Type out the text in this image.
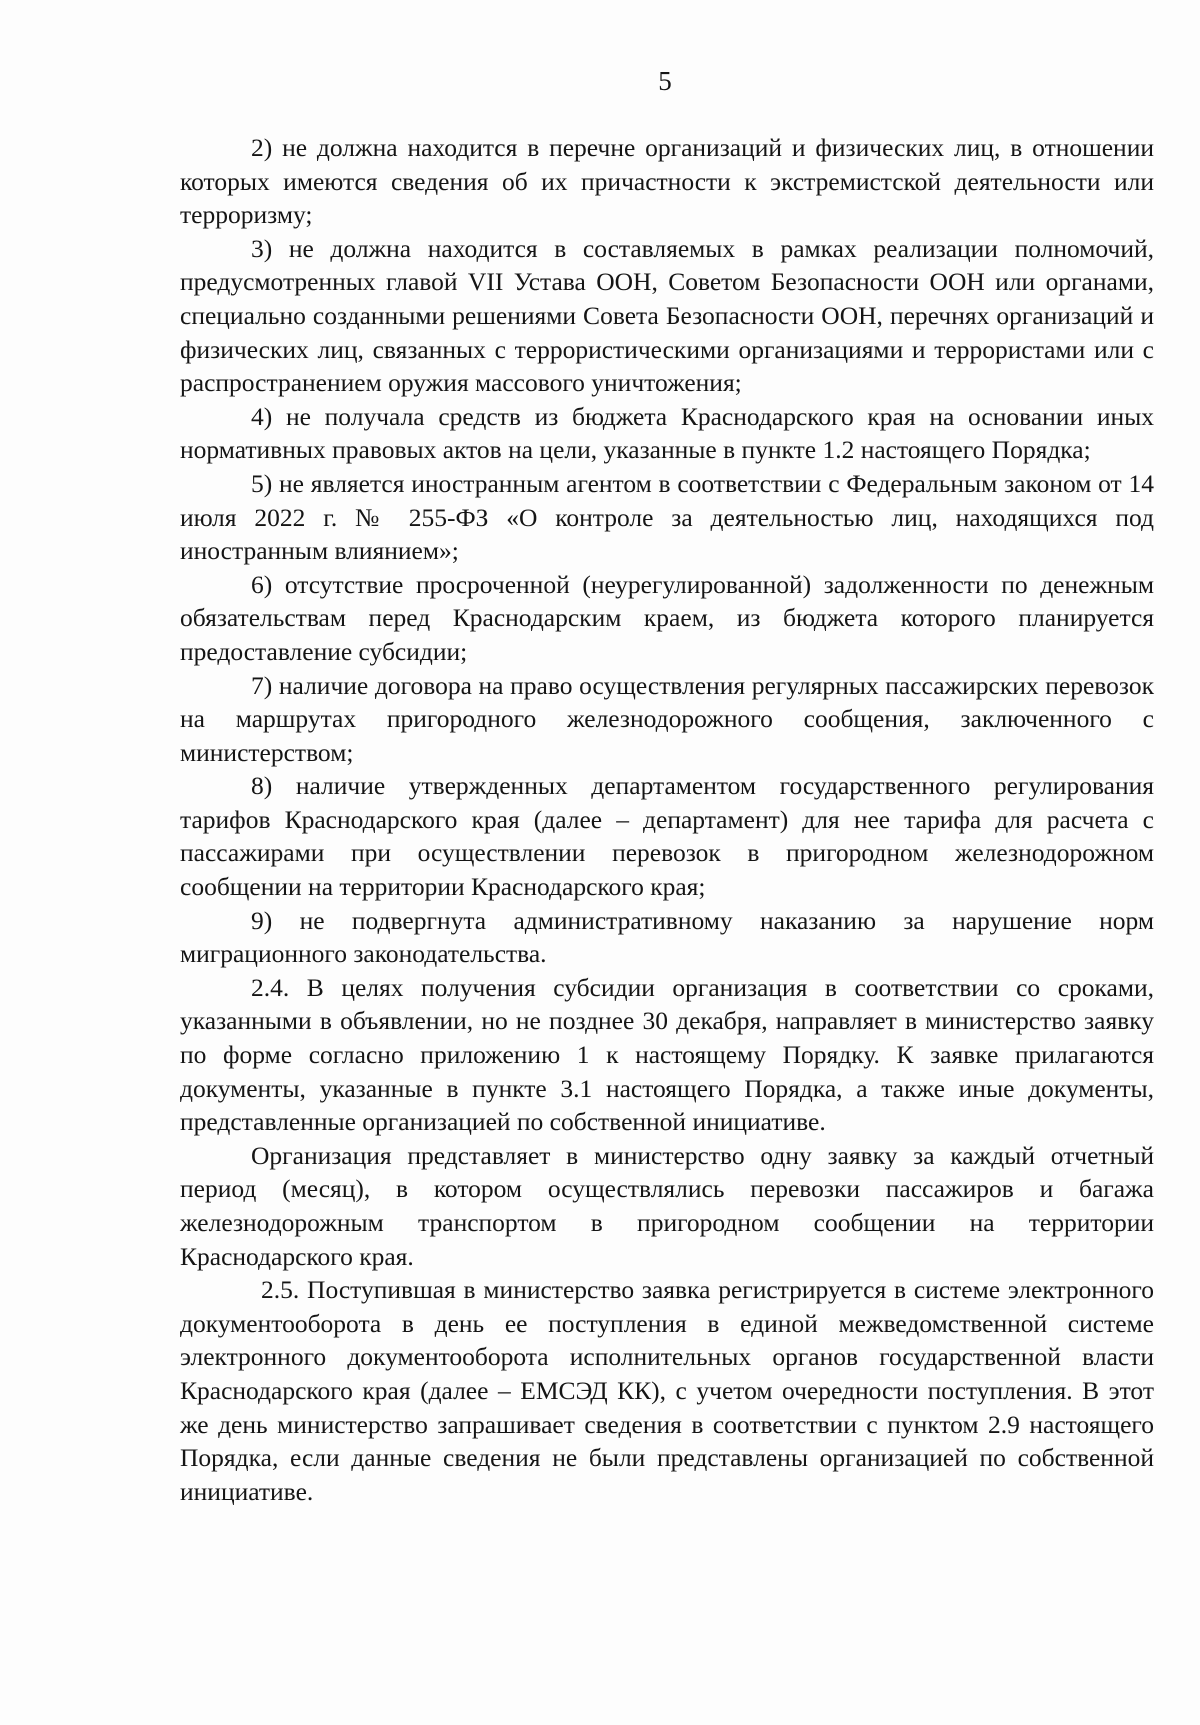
5

2) не должна находится в перечне организаций и физических лиц, в отношении которых имеются сведения об их причастности к экстремистской деятельности или терроризму;

3) не должна находится в составляемых в рамках реализации полномочий, предусмотренных главой VII Устава ООН, Советом Безопасности ООН или органами, специально созданными решениями Совета Безопасности ООН, перечнях организаций и физических лиц, связанных с террористическими организациями и террористами или с распространением оружия массового уничтожения;

4) не получала средств из бюджета Краснодарского края на основании иных нормативных правовых актов на цели, указанные в пункте 1.2 настоящего Порядка;

5) не является иностранным агентом в соответствии с Федеральным законом от 14 июля 2022 г. № 255-ФЗ «О контроле за деятельностью лиц, находящихся под иностранным влиянием»;

6) отсутствие просроченной (неурегулированной) задолженности по денежным обязательствам перед Краснодарским краем, из бюджета которого планируется предоставление субсидии;

7) наличие договора на право осуществления регулярных пассажирских перевозок на маршрутах пригородного железнодорожного сообщения, заключенного с министерством;

8) наличие утвержденных департаментом государственного регулирования тарифов Краснодарского края (далее – департамент) для нее тарифа для расчета с пассажирами при осуществлении перевозок в пригородном железнодорожном сообщении на территории Краснодарского края;

9) не подвергнута административному наказанию за нарушение норм миграционного законодательства.

2.4. В целях получения субсидии организация в соответствии со сроками, указанными в объявлении, но не позднее 30 декабря, направляет в министерство заявку по форме согласно приложению 1 к настоящему Порядку. К заявке прилагаются документы, указанные в пункте 3.1 настоящего Порядка, а также иные документы, представленные организацией по собственной инициативе.

Организация представляет в министерство одну заявку за каждый отчетный период (месяц), в котором осуществлялись перевозки пассажиров и багажа железнодорожным транспортом в пригородном сообщении на территории Краснодарского края.

2.5. Поступившая в министерство заявка регистрируется в системе электронного документооборота в день ее поступления в единой межведомственной системе электронного документооборота исполнительных органов государственной власти Краснодарского края (далее – ЕМСЭД КК), с учетом очередности поступления. В этот же день министерство запрашивает сведения в соответствии с пунктом 2.9 настоящего Порядка, если данные сведения не были представлены организацией по собственной инициативе.
